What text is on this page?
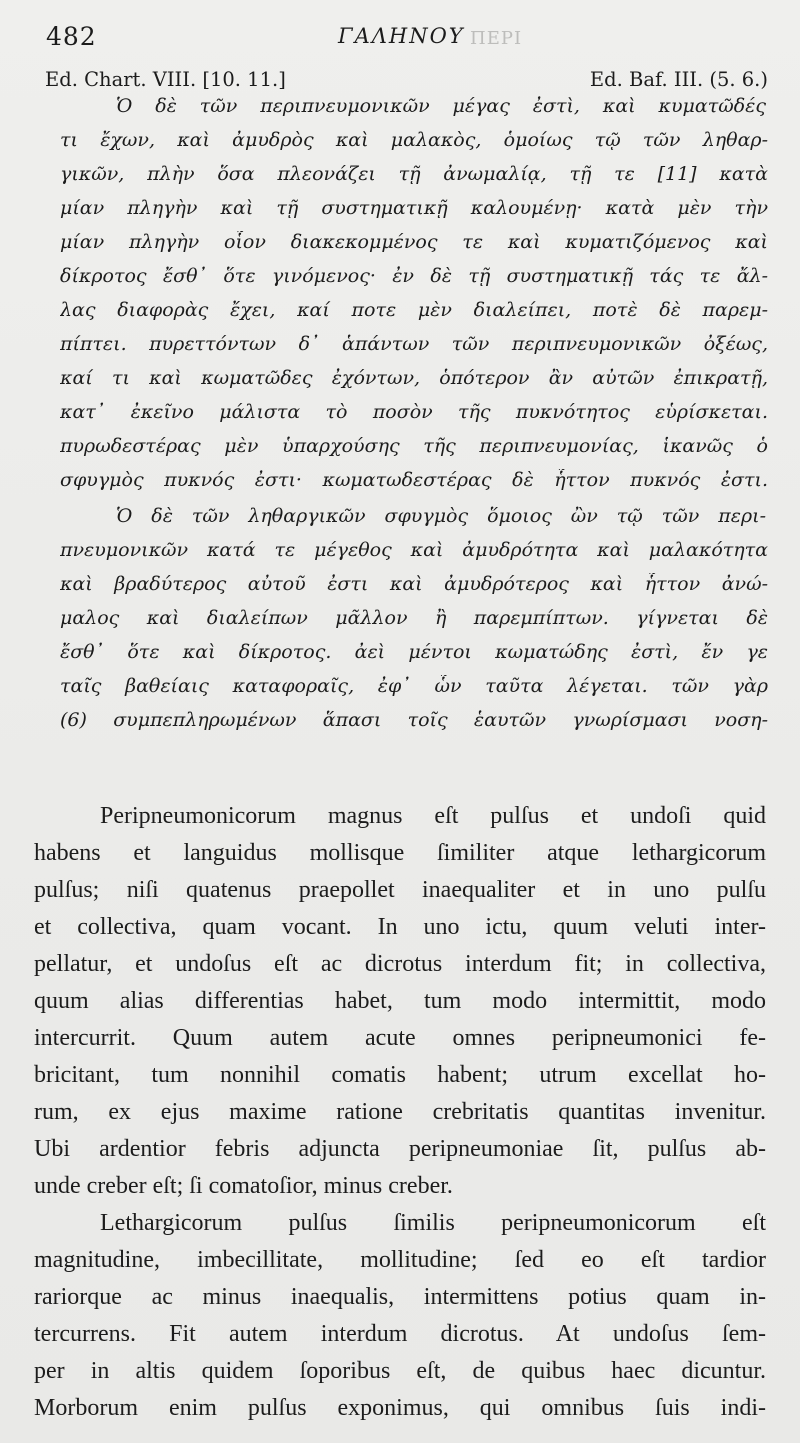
482	ΓΑΛΗΝΟΥ ΠΕΡΙ
Ed. Chart. VIII. [10. 11.]	Ed. Baf. III. (5. 6.)
Ὁ δὲ τῶν περιπνευμονικῶν μέγας ἐστὶ, καὶ κυματῶδές
τι ἔχων, καὶ ἀμυδρὸς καὶ μαλακὸς, ὁμοίως τῷ τῶν ληθαρ-
γικῶν, πλὴν ὅσα πλεονάζει τῇ ἀνωμαλίᾳ, τῇ τε [11] κατὰ
μίαν πληγὴν καὶ τῇ συστηματικῇ καλουμένῃ· κατὰ μὲν τὴν
μίαν πληγὴν οἷον διακεκομμένος τε καὶ κυματιζόμενος καὶ
δίκροτος ἔσθ᾽ ὅτε γινόμενος· ἐν δὲ τῇ συστηματικῇ τάς τε ἄλ-
λας διαφορὰς ἔχει, καί ποτε μὲν διαλείπει, ποτὲ δὲ παρεμ-
πίπτει. πυρεττόντων δ᾽ ἁπάντων τῶν περιπνευμονικῶν ὀξέως,
καί τι καὶ κωματῶδες ἐχόντων, ὁπότερον ἂν αὐτῶν ἐπικρατῇ,
κατ᾽ ἐκεῖνο μάλιστα τὸ ποσὸν τῆς πυκνότητος εὑρίσκεται.
πυρωδεστέρας μὲν ὑπαρχούσης τῆς περιπνευμονίας, ἱκανῶς ὁ
σφυγμὸς πυκνός ἐστι· κωματωδεστέρας δὲ ἧττον πυκνός ἐστι.
Ὁ δὲ τῶν ληθαργικῶν σφυγμὸς ὅμοιος ὢν τῷ τῶν περι-
πνευμονικῶν κατά τε μέγεθος καὶ ἀμυδρότητα καὶ μαλακότητα
καὶ βραδύτερος αὐτοῦ ἐστι καὶ ἀμυδρότερος καὶ ἧττον ἀνώ-
μαλος καὶ διαλείπων μᾶλλον ἢ παρεμπίπτων. γίγνεται δὲ
ἔσθ᾽ ὅτε καὶ δίκροτος. ἀεὶ μέντοι κωματώδης ἐστὶ, ἔν γε
ταῖς βαθείαις καταφοραῖς, ἐφ᾽ ὧν ταῦτα λέγεται. τῶν γὰρ
(6) συμπεπληρωμένων ἅπασι τοῖς ἑαυτῶν γνωρίσμασι νοση-
Peripneumonicorum magnus eſt pulſus et undoſi quid
habens et languidus mollisque ſimiliter atque lethargicorum
pulſus; niſi quatenus praepollet inaequaliter et in uno pulſu
et collectiva, quam vocant. In uno ictu, quum veluti inter-
pellatur, et undoſus eſt ac dicrotus interdum fit; in collectiva,
quum alias differentias habet, tum modo intermittit, modo
intercurrit. Quum autem acute omnes peripneumonici fe-
bricitant, tum nonnihil comatis habent; utrum excellat ho-
rum, ex ejus maxime ratione crebritatis quantitas invenitur.
Ubi ardentior febris adjuncta peripneumoniae ſit, pulſus ab-
unde creber eſt; ſi comatoſior, minus creber.
Lethargicorum pulſus ſimilis peripneumonicorum eſt
magnitudine, imbecillitate, mollitudine; ſed eo eſt tardior
rariorque ac minus inaequalis, intermittens potius quam in-
tercurrens. Fit autem interdum dicrotus. At undoſus ſem-
per in altis quidem ſoporibus eſt, de quibus haec dicuntur.
Morborum enim pulſus exponimus, qui omnibus ſuis indi-
